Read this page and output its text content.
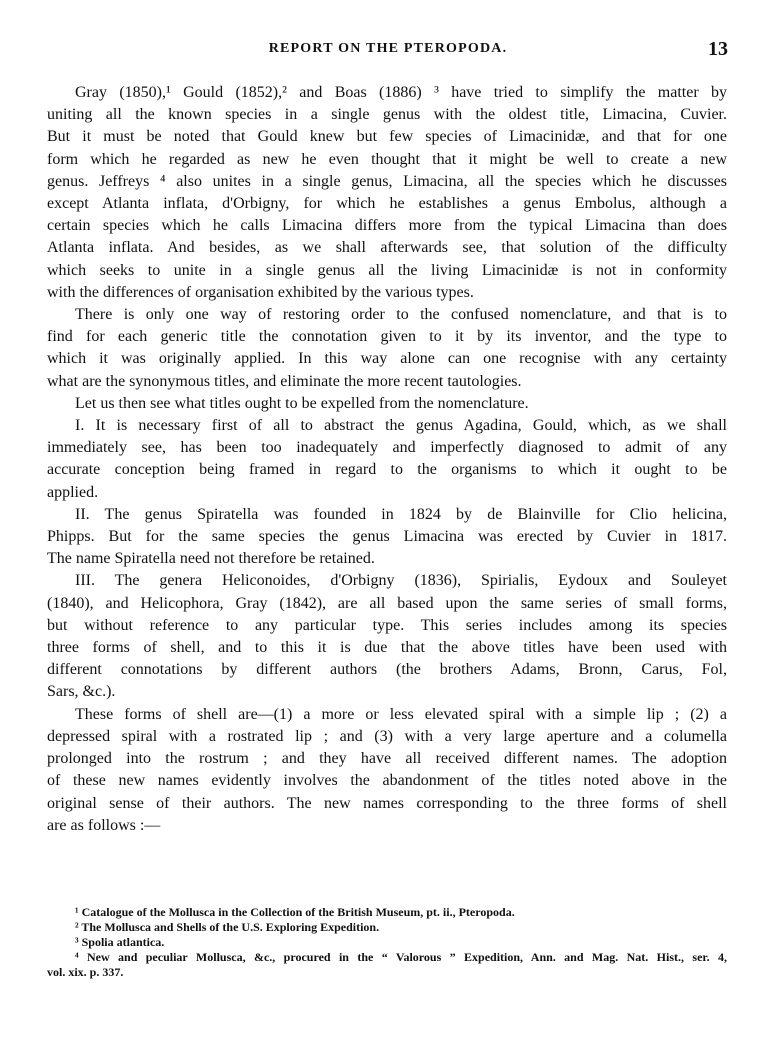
REPORT ON THE PTEROPODA.	13
Gray (1850),¹ Gould (1852),² and Boas (1886) ³ have tried to simplify the matter by
uniting all the known species in a single genus with the oldest title, Limacina, Cuvier.
But it must be noted that Gould knew but few species of Limacinidæ, and that for one
form which he regarded as new he even thought that it might be well to create a new
genus. Jeffreys ⁴ also unites in a single genus, Limacina, all the species which he discusses
except Atlanta inflata, d'Orbigny, for which he establishes a genus Embolus, although a
certain species which he calls Limacina differs more from the typical Limacina than does
Atlanta inflata. And besides, as we shall afterwards see, that solution of the difficulty
which seeks to unite in a single genus all the living Limacinidæ is not in conformity
with the differences of organisation exhibited by the various types.
There is only one way of restoring order to the confused nomenclature, and that is to
find for each generic title the connotation given to it by its inventor, and the type to
which it was originally applied. In this way alone can one recognise with any certainty
what are the synonymous titles, and eliminate the more recent tautologies.
Let us then see what titles ought to be expelled from the nomenclature.
I. It is necessary first of all to abstract the genus Agadina, Gould, which, as we shall
immediately see, has been too inadequately and imperfectly diagnosed to admit of any
accurate conception being framed in regard to the organisms to which it ought to be
applied.
II. The genus Spiratella was founded in 1824 by de Blainville for Clio helicina,
Phipps. But for the same species the genus Limacina was erected by Cuvier in 1817.
The name Spiratella need not therefore be retained.
III. The genera Heliconoides, d'Orbigny (1836), Spirialis, Eydoux and Souleyet
(1840), and Helicophora, Gray (1842), are all based upon the same series of small forms,
but without reference to any particular type. This series includes among its species
three forms of shell, and to this it is due that the above titles have been used with
different connotations by different authors (the brothers Adams, Bronn, Carus, Fol,
Sars, &c.).
These forms of shell are—(1) a more or less elevated spiral with a simple lip ; (2) a
depressed spiral with a rostrated lip ; and (3) with a very large aperture and a columella
prolonged into the rostrum ; and they have all received different names. The adoption
of these new names evidently involves the abandonment of the titles noted above in the
original sense of their authors. The new names corresponding to the three forms of shell
are as follows :—
¹ Catalogue of the Mollusca in the Collection of the British Museum, pt. ii., Pteropoda.
² The Mollusca and Shells of the U.S. Exploring Expedition.
³ Spolia atlantica.
⁴ New and peculiar Mollusca, &c., procured in the “ Valorous ” Expedition, Ann. and Mag. Nat. Hist., ser. 4,
vol. xix. p. 337.
